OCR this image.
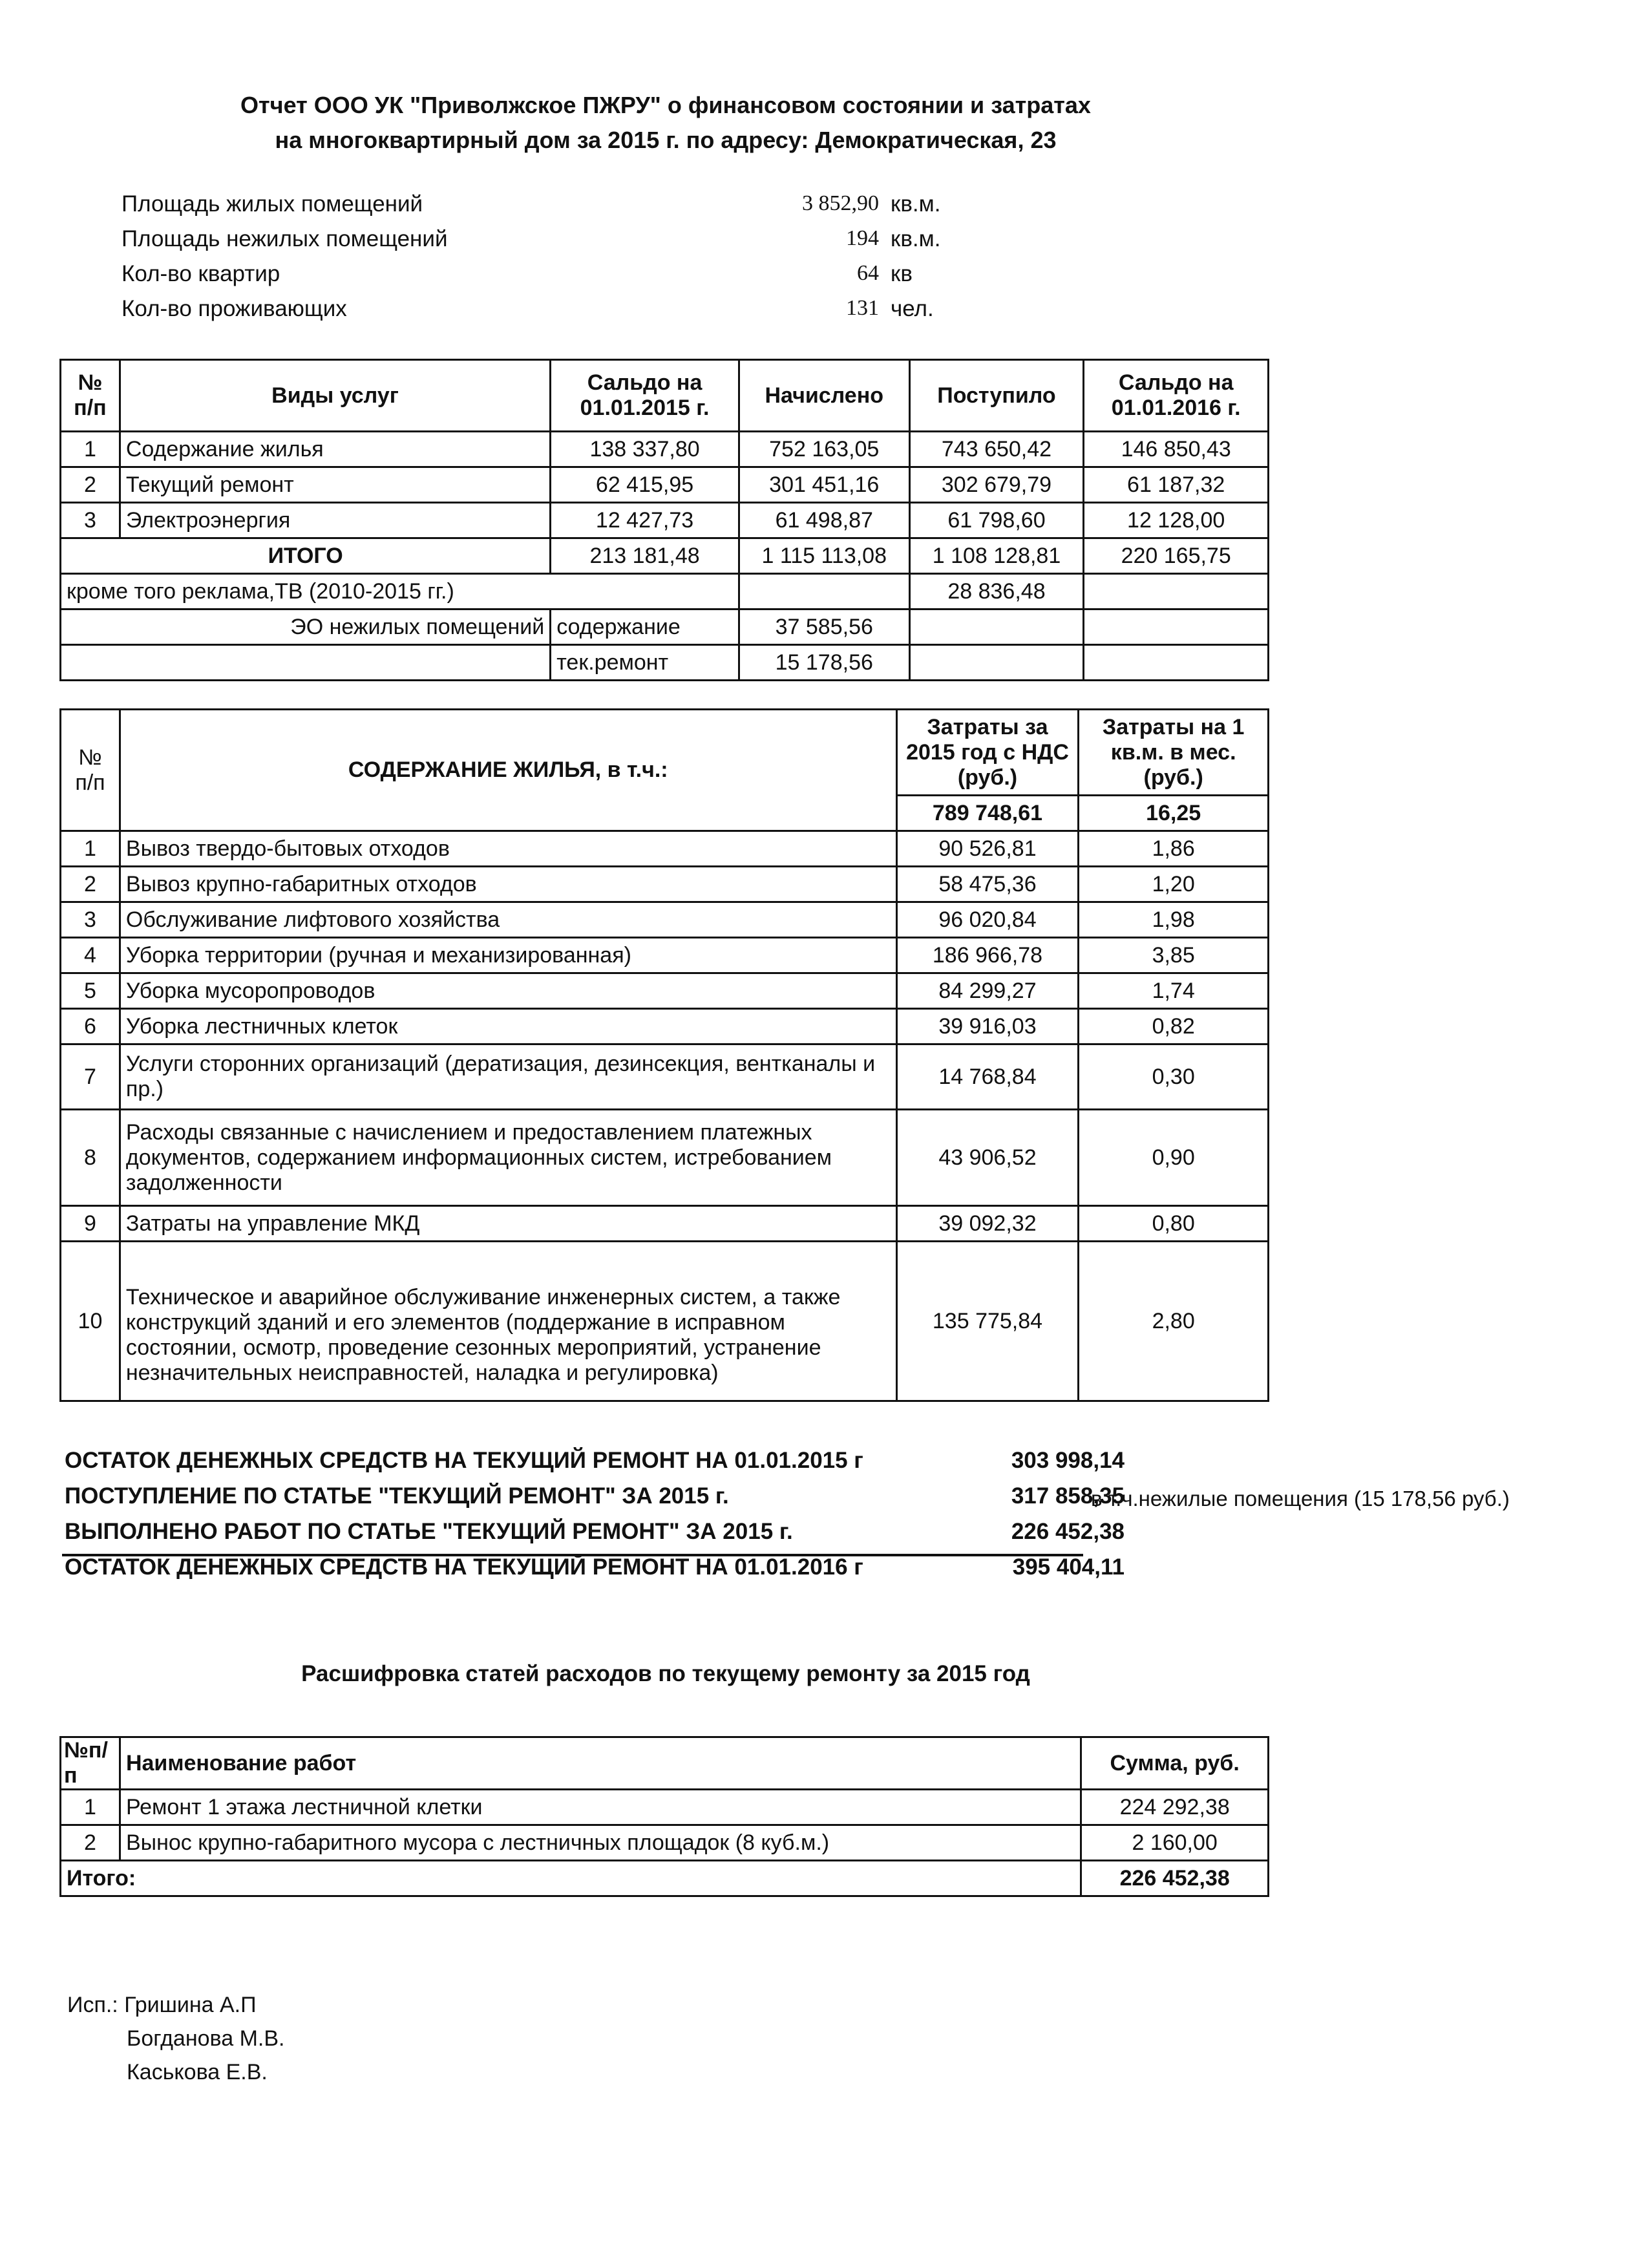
Отчет ООО УК "Приволжское ПЖРУ" о финансовом состоянии и затратах
на многоквартирный дом за 2015 г. по адресу: Демократическая, 23
Площадь жилых помещений	3 852,90 кв.м.
Площадь нежилых помещений	194 кв.м.
Кол-во квартир	64 кв
Кол-во проживающих	131 чел.
№ п/п	Виды услуг	Сальдо на 01.01.2015 г.	Начислено	Поступило	Сальдо на 01.01.2016 г.
1	Содержание жилья	138 337,80	752 163,05	743 650,42	146 850,43
2	Текущий ремонт	62 415,95	301 451,16	302 679,79	61 187,32
3	Электроэнергия	12 427,73	61 498,87	61 798,60	12 128,00
ИТОГО		213 181,48	1 115 113,08	1 108 128,81	220 165,75
кроме того реклама,ТВ (2010-2015 гг.)				28 836,48	
ЭО нежилых помещений		содержание	37 585,56		
		тек.ремонт	15 178,56		
№ п/п	СОДЕРЖАНИЕ ЖИЛЬЯ, в т.ч.:	Затраты за 2015 год с НДС (руб.)	Затраты на 1 кв.м. в мес. (руб.)
		789 748,61	16,25
1	Вывоз твердо-бытовых отходов	90 526,81	1,86
2	Вывоз крупно-габаритных отходов	58 475,36	1,20
3	Обслуживание лифтового хозяйства	96 020,84	1,98
4	Уборка территории (ручная и механизированная)	186 966,78	3,85
5	Уборка мусоропроводов	84 299,27	1,74
6	Уборка лестничных клеток	39 916,03	0,82
7	Услуги сторонних организаций (дератизация, дезинсекция, вентканалы и пр.)	14 768,84	0,30
8	Расходы связанные с начислением и предоставлением платежных документов, содержанием информационных систем, истребованием задолженности	43 906,52	0,90
9	Затраты на управление МКД	39 092,32	0,80
10	Техническое и аварийное обслуживание инженерных систем, а также конструкций зданий и его элементов (поддержание в исправном состоянии, осмотр, проведение сезонных мероприятий, устранение незначительных неисправностей, наладка и регулировка)	135 775,84	2,80
ОСТАТОК ДЕНЕЖНЫХ СРЕДСТВ НА ТЕКУЩИЙ РЕМОНТ НА 01.01.2015 г	303 998,14
ПОСТУПЛЕНИЕ ПО СТАТЬЕ "ТЕКУЩИЙ РЕМОНТ" ЗА 2015 г.	317 858,35
ВЫПОЛНЕНО РАБОТ ПО СТАТЬЕ "ТЕКУЩИЙ РЕМОНТ" ЗА 2015 г.	226 452,38
ОСТАТОК ДЕНЕЖНЫХ СРЕДСТВ НА ТЕКУЩИЙ РЕМОНТ НА 01.01.2016 г	395 404,11
в т.ч.нежилые помещения (15 178,56 руб.)
Расшифровка статей расходов по текущему ремонту за 2015 год
№п/п	Наименование работ	Сумма, руб.
1	Ремонт 1 этажа лестничной клетки	224 292,38
2	Вынос крупно-габаритного мусора с лестничных площадок (8 куб.м.)	2 160,00
Итого:		226 452,38
Исп.: Гришина А.П
Богданова М.В.
Каськова Е.В.
